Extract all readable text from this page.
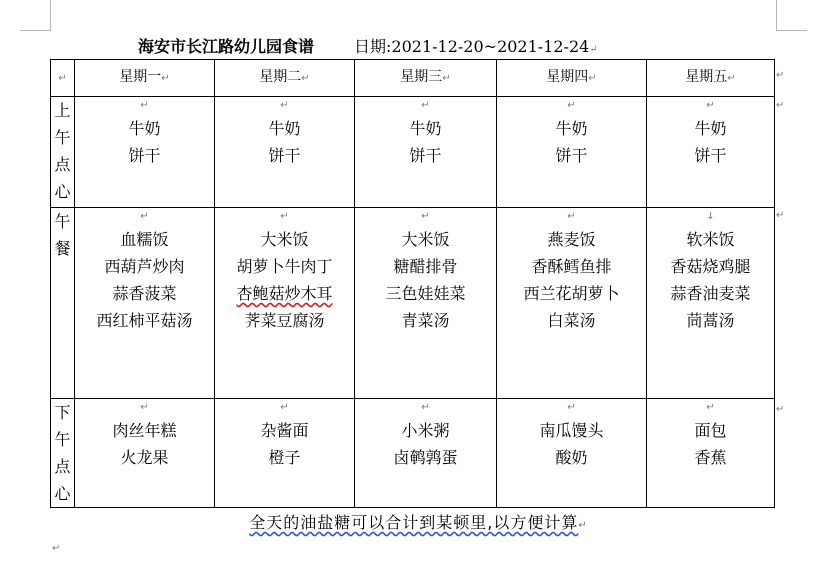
海安市长江路幼儿园食谱	日期:2021-12-20~2021-12-24↵
↵	星期一↵	星期二↵	星期三↵	星期四↵	星期五↵
上午点心	↵
牛奶
饼干	↵
牛奶
饼干	↵
牛奶
饼干	↵
牛奶
饼干	↵
牛奶
饼干

午餐	↵
血糯饭
西葫芦炒肉
蒜香菠菜
西红柿平菇汤	↵
大米饭
胡萝卜牛肉丁
杏鲍菇炒木耳
荠菜豆腐汤	↵
大米饭
糖醋排骨
三色娃娃菜
青菜汤	↵
燕麦饭
香酥鳕鱼排
西兰花胡萝卜
白菜汤	↓
软米饭
香菇烧鸡腿
蒜香油麦菜
茼蒿汤

下午点心	↵
肉丝年糕
火龙果	↵
杂酱面
橙子	↵
小米粥
卤鹌鹑蛋	↵
南瓜馒头
酸奶	↵
面包
香蕉
↵
↵
↵
↵
全天的油盐糖可以合计到某顿里,以方便计算↵
↵
